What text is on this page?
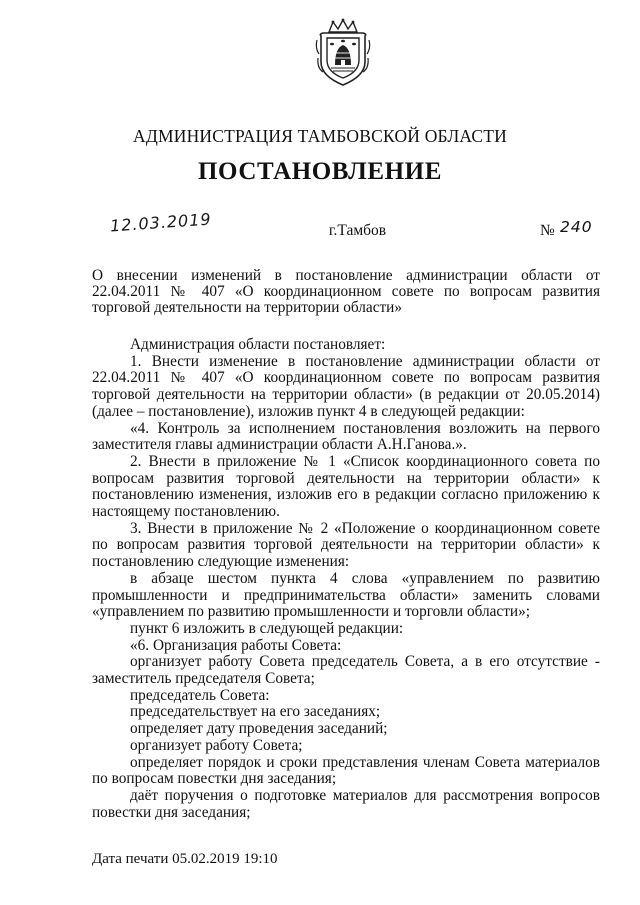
АДМИНИСТРАЦИЯ ТАМБОВСКОЙ ОБЛАСТИ
ПОСТАНОВЛЕНИЕ
12.03.2019	г.Тамбов	№ 240
О внесении изменений в постановление администрации области от 22.04.2011 № 407 «О координационном совете по вопросам развития торговой деятельности на территории области»

Администрация области постановляет:

1. Внести изменение в постановление администрации области от 22.04.2011 № 407 «О координационном совете по вопросам развития торговой деятельности на территории области» (в редакции от 20.05.2014) (далее – постановление), изложив пункт 4 в следующей редакции:

«4. Контроль за исполнением постановления возложить на первого заместителя главы администрации области А.Н.Ганова.».

2. Внести в приложение № 1 «Список координационного совета по вопросам развития торговой деятельности на территории области» к постановлению изменения, изложив его в редакции согласно приложению к настоящему постановлению.

3. Внести в приложение № 2 «Положение о координационном совете по вопросам развития торговой деятельности на территории области» к постановлению следующие изменения:

в абзаце шестом пункта 4 слова «управлением по развитию промышленности и предпринимательства области» заменить словами «управлением по развитию промышленности и торговли области»;

пункт 6 изложить в следующей редакции:

«6. Организация работы Совета:

организует работу Совета председатель Совета, а в его отсутствие - заместитель председателя Совета;

председатель Совета:

председательствует на его заседаниях;

определяет дату проведения заседаний;

организует работу Совета;

определяет порядок и сроки представления членам Совета материалов по вопросам повестки дня заседания;

даёт поручения о подготовке материалов для рассмотрения вопросов повестки дня заседания;

Дата печати 05.02.2019 19:10
